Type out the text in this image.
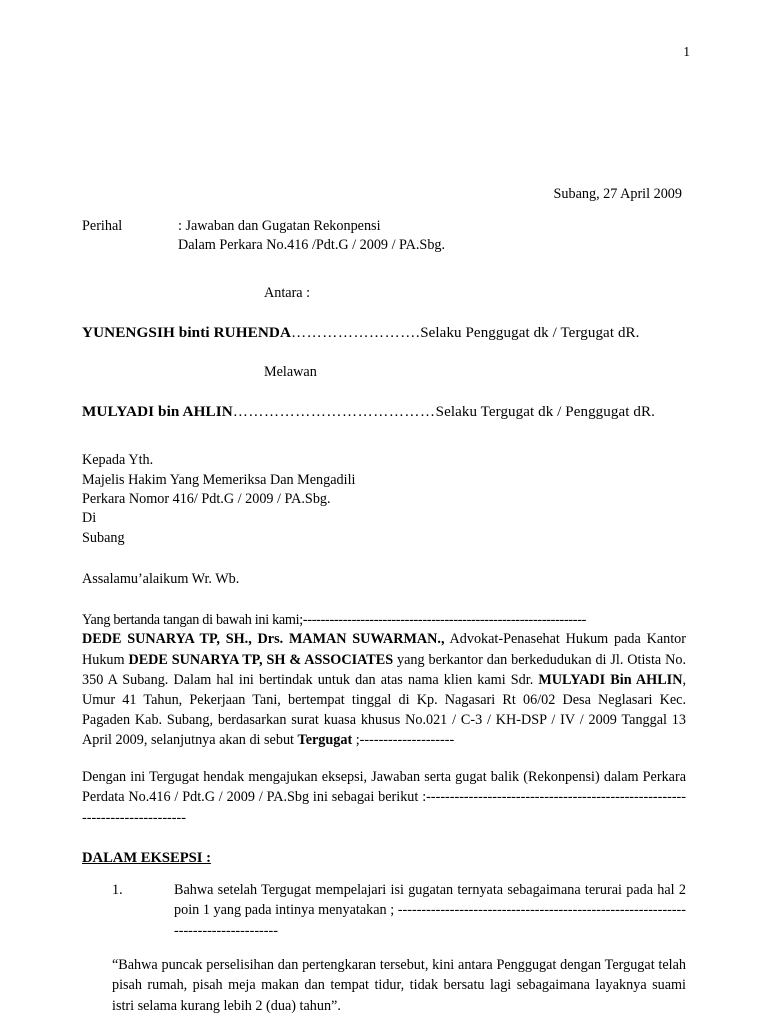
1
Subang, 27 April 2009
Perihal	: Jawaban dan Gugatan Rekonpensi
Dalam Perkara No.416 /Pdt.G / 2009 / PA.Sbg.
Antara :
YUNENGSIH binti RUHENDA…………………….Selaku Penggugat dk / Tergugat dR.
Melawan
MULYADI bin AHLIN…………………………………Selaku Tergugat dk / Penggugat dR.
Kepada Yth.
Majelis Hakim Yang Memeriksa Dan Mengadili
Perkara Nomor 416/ Pdt.G / 2009 / PA.Sbg.
Di
Subang
Assalamu’alaikum Wr. Wb.
Yang bertanda tangan di bawah ini kami;----------------------------------------------------------------
DEDE SUNARYA TP, SH., Drs. MAMAN SUWARMAN., Advokat-Penasehat Hukum pada Kantor Hukum DEDE SUNARYA TP, SH & ASSOCIATES yang berkantor dan berkedudukan di Jl. Otista No. 350 A Subang. Dalam hal ini bertindak untuk dan atas nama klien kami Sdr. MULYADI Bin AHLIN, Umur 41 Tahun, Pekerjaan Tani, bertempat tinggal di Kp. Nagasari Rt 06/02 Desa Neglasari Kec. Pagaden Kab. Subang, berdasarkan surat kuasa khusus No.021 / C-3 / KH-DSP / IV / 2009 Tanggal 13 April 2009, selanjutnya akan di sebut Tergugat ;--------------------
Dengan ini Tergugat hendak mengajukan eksepsi, Jawaban serta gugat balik (Rekonpensi) dalam Perkara Perdata No.416 / Pdt.G / 2009 / PA.Sbg ini sebagai berikut :-----------------------------------------------------------------------------
DALAM EKSEPSI :
1.	Bahwa setelah Tergugat mempelajari isi gugatan ternyata sebagaimana terurai pada hal 2 poin 1 yang pada intinya menyatakan ; -----------------------------------------------------------------------------------
“Bahwa puncak perselisihan dan pertengkaran tersebut, kini antara Penggugat dengan Tergugat telah pisah rumah, pisah meja makan dan tempat tidur, tidak bersatu lagi sebagaimana layaknya suami istri selama kurang lebih 2 (dua) tahun”.
